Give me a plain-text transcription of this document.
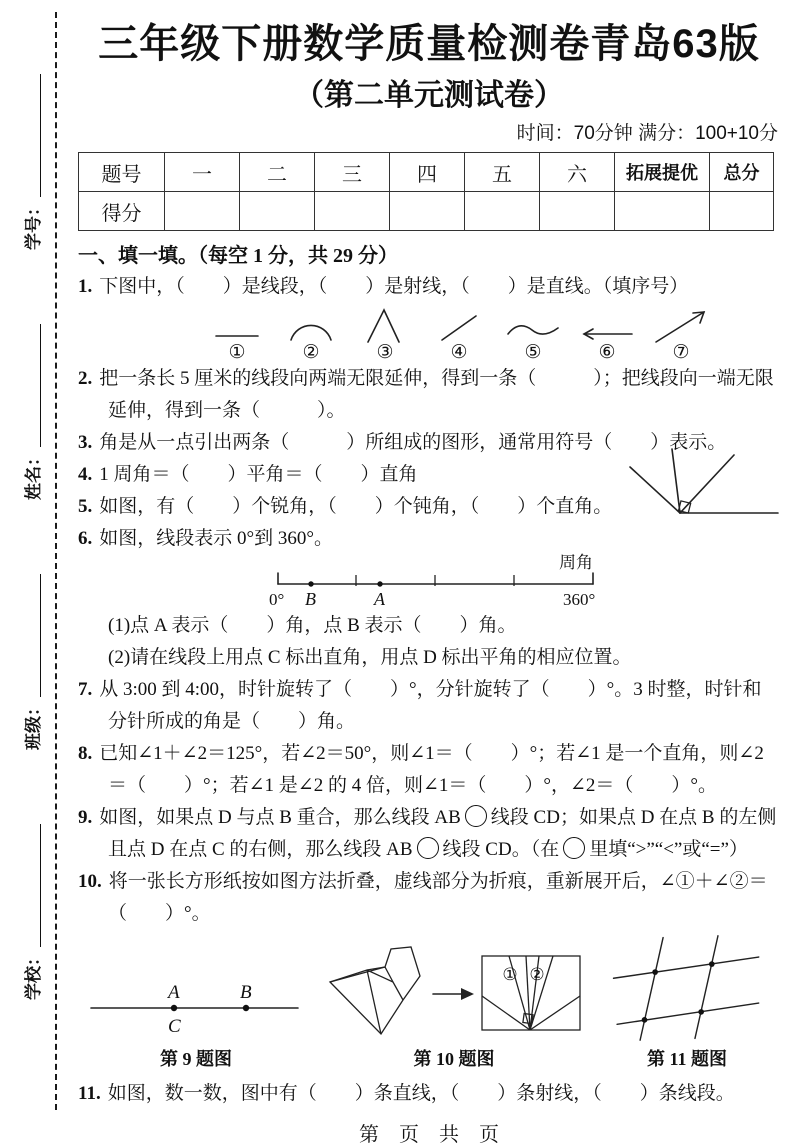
学号：
姓名：
班级：
学校：
三年级下册数学质量检测卷青岛63版
（第二单元测试卷）
时间：70分钟 满分：100+10分
题号	一	二	三	四	五	六	拓展提优	总分
得分								
一、填一填。（每空 1 分，共 29 分）

1. 下图中，（　　）是线段，（　　）是射线，（　　）是直线。（填序号）

①	②	③	④	⑤	⑥	⑦

2. 把一条长 5 厘米的线段向两端无限延伸，得到一条（　　　）；把线段向一端无限延伸，得到一条（　　　）。

3. 角是从一点引出两条（　　　）所组成的图形，通常用符号（　　）表示。

4. 1 周角＝（　　）平角＝（　　）直角

5. 如图，有（　　）个锐角，（　　）个钝角，（　　）个直角。

6. 如图，线段表示 0°到 360°。

0° B	A	360°
周角

(1)点 A 表示（　　）角，点 B 表示（　　）角。

(2)请在线段上用点 C 标出直角，用点 D 标出平角的相应位置。

7. 从 3:00 到 4:00，时针旋转了（　　）°，分针旋转了（　　）°。3 时整，时针和分针所成的角是（　　）角。

8. 已知∠1＋∠2＝125°，若∠2＝50°，则∠1＝（　　）°；若∠1 是一个直角，则∠2＝（　　）°；若∠1 是∠2 的 4 倍，则∠1＝（　　）°，∠2＝（　　）°。

9. 如图，如果点 D 与点 B 重合，那么线段 AB 线段 CD；如果点 D 在点 B 的左侧且点 D 在点 C 的右侧，那么线段 AB 线段 CD。（在 里填“>”“<”或“=”）

10. 将一张长方形纸按如图方法折叠，虚线部分为折痕，重新展开后，∠①＋∠②＝（　　）°。

A
C
B
第 9 题图
① ②
第 10 题图	第 11 题图

11. 如图，数一数，图中有（　　）条直线，（　　）条射线，（　　）条线段。

第　页　共　页
